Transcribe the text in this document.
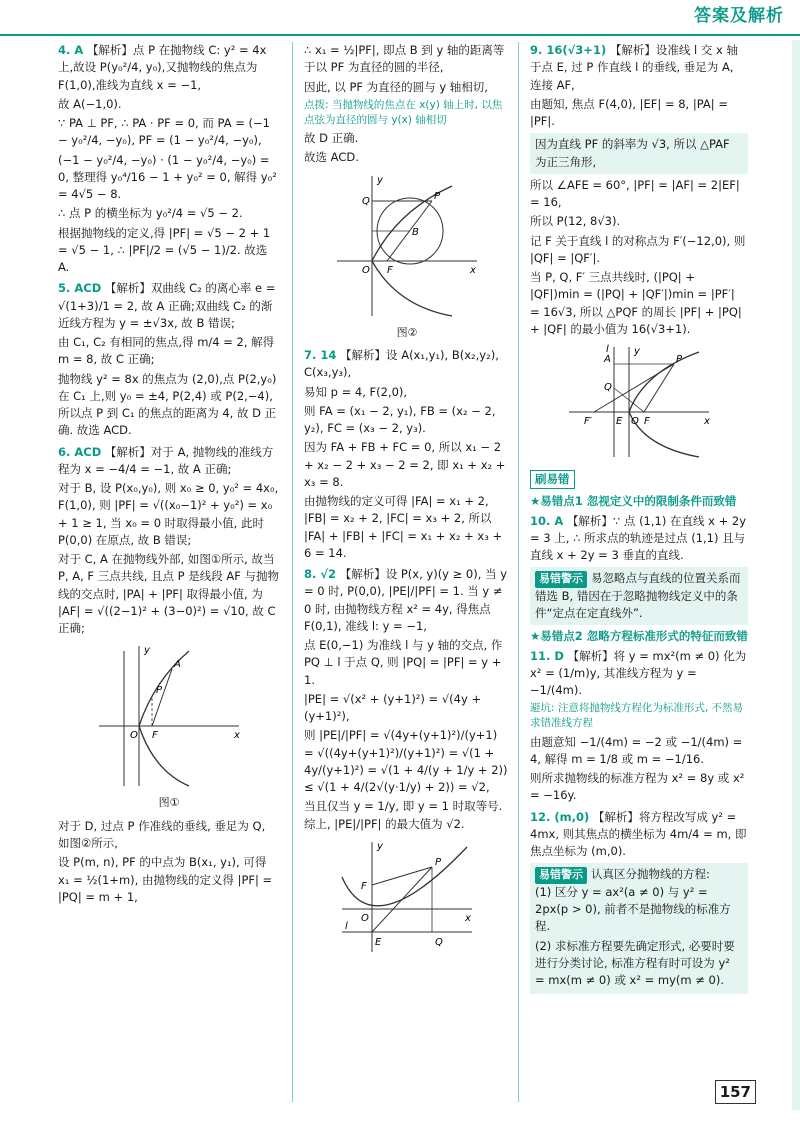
答案及解析

4. A 【解析】点 P 在抛物线 C: y² = 4x 上,故设 P(y₀²/4, y₀),又抛物线的焦点为 F(1,0),准线为直线 x = −1,

故 A(−1,0).

∵ PA ⊥ PF, ∴ PA · PF = 0, 而 PA = (−1 − y₀²/4, −y₀), PF = (1 − y₀²/4, −y₀),

(−1 − y₀²/4, −y₀) · (1 − y₀²/4, −y₀) = 0, 整理得 y₀⁴/16 − 1 + y₀² = 0, 解得 y₀² = 4√5 − 8.

∴ 点 P 的横坐标为 y₀²/4 = √5 − 2.

根据抛物线的定义,得 |PF| = √5 − 2 + 1 = √5 − 1, ∴ |PF|/2 = (√5 − 1)/2. 故选 A.

5. ACD 【解析】双曲线 C₂ 的离心率 e = √(1+3)/1 = 2, 故 A 正确;双曲线 C₂ 的渐近线方程为 y = ±√3x, 故 B 错误;

由 C₁, C₂ 有相同的焦点,得 m/4 = 2, 解得 m = 8, 故 C 正确;

抛物线 y² = 8x 的焦点为 (2,0),点 P(2,y₀) 在 C₁ 上,则 y₀ = ±4, P(2,4) 或 P(2,−4),所以点 P 到 C₁ 的焦点的距离为 4, 故 D 正确. 故选 ACD.

6. ACD 【解析】对于 A, 抛物线的准线方程为 x = −4/4 = −1, 故 A 正确;

对于 B, 设 P(x₀,y₀), 则 x₀ ≥ 0, y₀² = 4x₀, F(1,0), 则 |PF| = √((x₀−1)² + y₀²) = x₀ + 1 ≥ 1, 当 x₀ = 0 时取得最小值, 此时 P(0,0) 在原点, 故 B 错误;

对于 C, A 在抛物线外部, 如图①所示, 故当 P, A, F 三点共线, 且点 P 是线段 AF 与抛物线的交点时, |PA| + |PF| 取得最小值, 为 |AF| = √((2−1)² + (3−0)²) = √10, 故 C 正确;

y
x
O F
P
A
图①

对于 D, 过点 P 作准线的垂线, 垂足为 Q, 如图②所示,

设 P(m, n), PF 的中点为 B(x₁, y₁), 可得 x₁ = ½(1+m), 由抛物线的定义得 |PF| = |PQ| = m + 1,

∴ x₁ = ½|PF|, 即点 B 到 y 轴的距离等于以 PF 为直径的圆的半径,

因此, 以 PF 为直径的圆与 y 轴相切,

点拨: 当抛物线的焦点在 x(y) 轴上时, 以焦点弦为直径的圆与 y(x) 轴相切

故 D 正确.

故选 ACD.

y
x
O F
P
Q
B
图②

7. 14 【解析】设 A(x₁,y₁), B(x₂,y₂), C(x₃,y₃),

易知 p = 4, F(2,0),

则 FA = (x₁ − 2, y₁), FB = (x₂ − 2, y₂), FC = (x₃ − 2, y₃).

因为 FA + FB + FC = 0, 所以 x₁ − 2 + x₂ − 2 + x₃ − 2 = 2, 即 x₁ + x₂ + x₃ = 8.

由抛物线的定义可得 |FA| = x₁ + 2, |FB| = x₂ + 2, |FC| = x₃ + 2, 所以 |FA| + |FB| + |FC| = x₁ + x₂ + x₃ + 6 = 14.

8. √2 【解析】设 P(x, y)(y ≥ 0), 当 y = 0 时, P(0,0), |PE|/|PF| = 1. 当 y ≠ 0 时, 由抛物线方程 x² = 4y, 得焦点 F(0,1), 准线 l: y = −1,

点 E(0,−1) 为准线 l 与 y 轴的交点, 作 PQ ⊥ l 于点 Q, 则 |PQ| = |PF| = y + 1.

|PE| = √(x² + (y+1)²) = √(4y + (y+1)²),

则 |PE|/|PF| = √(4y+(y+1)²)/(y+1) = √((4y+(y+1)²)/(y+1)²) = √(1 + 4y/(y+1)²) = √(1 + 4/(y + 1/y + 2)) ≤ √(1 + 4/(2√(y·1/y) + 2)) = √2,

当且仅当 y = 1/y, 即 y = 1 时取等号. 综上, |PE|/|PF| 的最大值为 √2.

y
x
O
F
P
E	Q
l

9. 16(√3+1) 【解析】设准线 l 交 x 轴于点 E, 过 P 作直线 l 的垂线, 垂足为 A, 连接 AF,

由题知, 焦点 F(4,0), |EF| = 8, |PA| = |PF|.

因为直线 PF 的斜率为 √3, 所以 △PAF 为正三角形,

所以 ∠AFE = 60°, |PF| = |AF| = 2|EF| = 16,

所以 P(12, 8√3).

记 F 关于直线 l 的对称点为 F′(−12,0), 则 |QF| = |QF′|.

当 P, Q, F′ 三点共线时, (|PQ| + |QF|)min = (|PQ| + |QF′|)min = |PF′| = 16√3, 所以 △PQF 的周长 |PF| + |PQ| + |QF| 的最小值为 16(√3+1).

y
x
O F
P
A
Q
E
F′
l
刷易错

★易错点1 忽视定义中的限制条件而致错

10. A 【解析】∵ 点 (1,1) 在直线 x + 2y = 3 上, ∴ 所求点的轨迹是过点 (1,1) 且与直线 x + 2y = 3 垂直的直线.

易错警示 易忽略点与直线的位置关系而错选 B, 错因在于忽略抛物线定义中的条件“定点在定直线外”.

★易错点2 忽略方程标准形式的特征而致错

11. D 【解析】将 y = mx²(m ≠ 0) 化为 x² = (1/m)y, 其准线方程为 y = −1/(4m).

避坑: 注意将抛物线方程化为标准形式, 不然易求错准线方程

由题意知 −1/(4m) = −2 或 −1/(4m) = 4, 解得 m = 1/8 或 m = −1/16.

则所求抛物线的标准方程为 x² = 8y 或 x² = −16y.

12. (m,0) 【解析】将方程改写成 y² = 4mx, 则其焦点的横坐标为 4m/4 = m, 即焦点坐标为 (m,0).

易错警示 认真区分抛物线的方程:

(1) 区分 y = ax²(a ≠ 0) 与 y² = 2px(p > 0), 前者不是抛物线的标准方程.

(2) 求标准方程要先确定形式, 必要时要进行分类讨论, 标准方程有时可设为 y² = mx(m ≠ 0) 或 x² = my(m ≠ 0).

157
